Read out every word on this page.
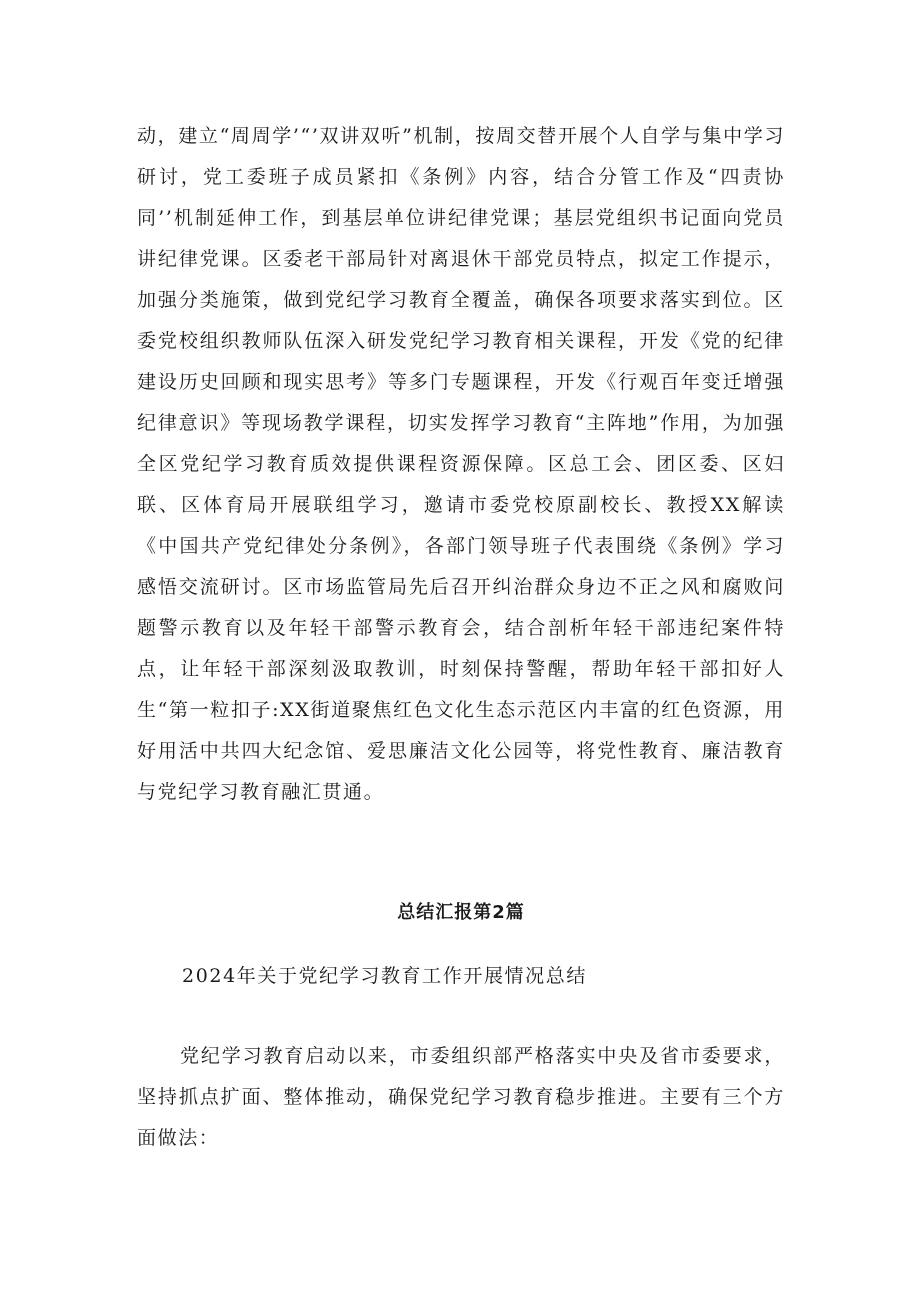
动，建立“周周学’“’双讲双听”机制，按周交替开展个人自学与集中学习研讨，党工委班子成员紧扣《条例》内容，结合分管工作及“四责协同’’机制延伸工作，到基层单位讲纪律党课；基层党组织书记面向党员讲纪律党课。区委老干部局针对离退休干部党员特点，拟定工作提示，加强分类施策，做到党纪学习教育全覆盖，确保各项要求落实到位。区委党校组织教师队伍深入研发党纪学习教育相关课程，开发《党的纪律建设历史回顾和现实思考》等多门专题课程，开发《行观百年变迁增强纪律意识》等现场教学课程，切实发挥学习教育“主阵地”作用，为加强全区党纪学习教育质效提供课程资源保障。区总工会、团区委、区妇联、区体育局开展联组学习，邀请市委党校原副校长、教授XX解读《中国共产党纪律处分条例》，各部门领导班子代表围绕《条例》学习感悟交流研讨。区市场监管局先后召开纠治群众身边不正之风和腐败问题警示教育以及年轻干部警示教育会，结合剖析年轻干部违纪案件特点，让年轻干部深刻汲取教训，时刻保持警醒，帮助年轻干部扣好人生“第一粒扣子:XX街道聚焦红色文化生态示范区内丰富的红色资源，用好用活中共四大纪念馆、爱思廉洁文化公园等，将党性教育、廉洁教育与党纪学习教育融汇贯通。

总结汇报第2篇

2024年关于党纪学习教育工作开展情况总结

党纪学习教育启动以来，市委组织部严格落实中央及省市委要求，坚持抓点扩面、整体推动，确保党纪学习教育稳步推进。主要有三个方面做法：
